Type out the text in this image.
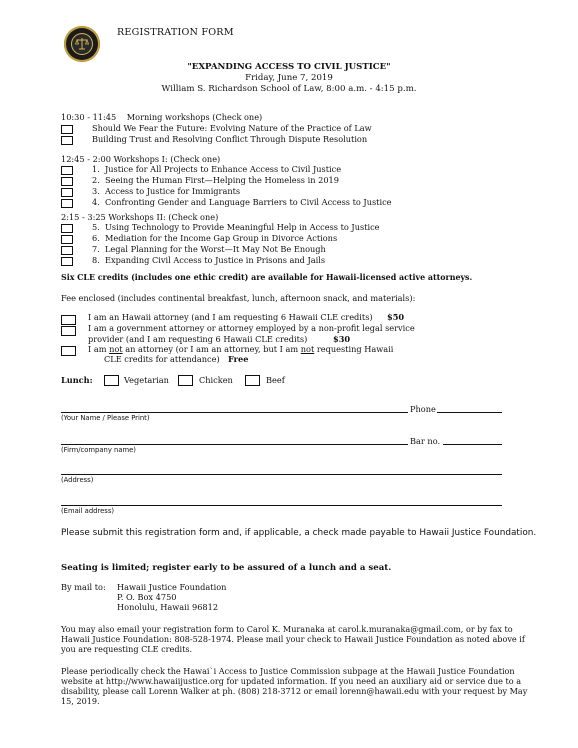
REGISTRATION FORM
"EXPANDING ACCESS TO CIVIL JUSTICE"
Friday, June 7, 2019
William S. Richardson School of Law, 8:00 a.m. - 4:15 p.m.
10:30 - 11:45 Morning workshops (Check one)
Should We Fear the Future: Evolving Nature of the Practice of Law
Building Trust and Resolving Conflict Through Dispute Resolution
12:45 - 2:00 Workshops I: (Check one)
1. Justice for All Projects to Enhance Access to Civil Justice
2. Seeing the Human First—Helping the Homeless in 2019
3. Access to Justice for Immigrants
4. Confronting Gender and Language Barriers to Civil Access to Justice
2:15 - 3:25 Workshops II: (Check one)
5. Using Technology to Provide Meaningful Help in Access to Justice
6. Mediation for the Income Gap Group in Divorce Actions
7. Legal Planning for the Worst—It May Not Be Enough
8. Expanding Civil Access to Justice in Prisons and Jails
Six CLE credits (includes one ethic credit) are available for Hawaii-licensed active attorneys.
Fee enclosed (includes continental breakfast, lunch, afternoon snack, and materials):
I am an Hawaii attorney (and I am requesting 6 Hawaii CLE credits) $50
I am a government attorney or attorney employed by a non-profit legal service
provider (and I am requesting 6 Hawaii CLE credits)	$30
I am not an attorney (or I am an attorney, but I am not requesting Hawaii
CLE credits for attendance) Free
Lunch:	Vegetarian	Chicken	Beef
Phone
(Your Name / Please Print)
Bar no.
(Firm/company name)
(Address)
(Email address)
Please submit this registration form and, if applicable, a check made payable to Hawaii Justice Foundation.
Seating is limited; register early to be assured of a lunch and a seat.
By mail to: Hawaii Justice Foundation
P. O. Box 4750
Honolulu, Hawaii 96812
You may also email your registration form to Carol K. Muranaka at carol.k.muranaka@gmail.com, or by fax to Hawaii Justice Foundation: 808-528-1974. Please mail your check to Hawaii Justice Foundation as noted above if you are requesting CLE credits.
Please periodically check the Hawai`i Access to Justice Commission subpage at the Hawaii Justice Foundation website at http://www.hawaiijustice.org for updated information. If you need an auxiliary aid or service due to a disability, please call Lorenn Walker at ph. (808) 218-3712 or email lorenn@hawaii.edu with your request by May 15, 2019.
